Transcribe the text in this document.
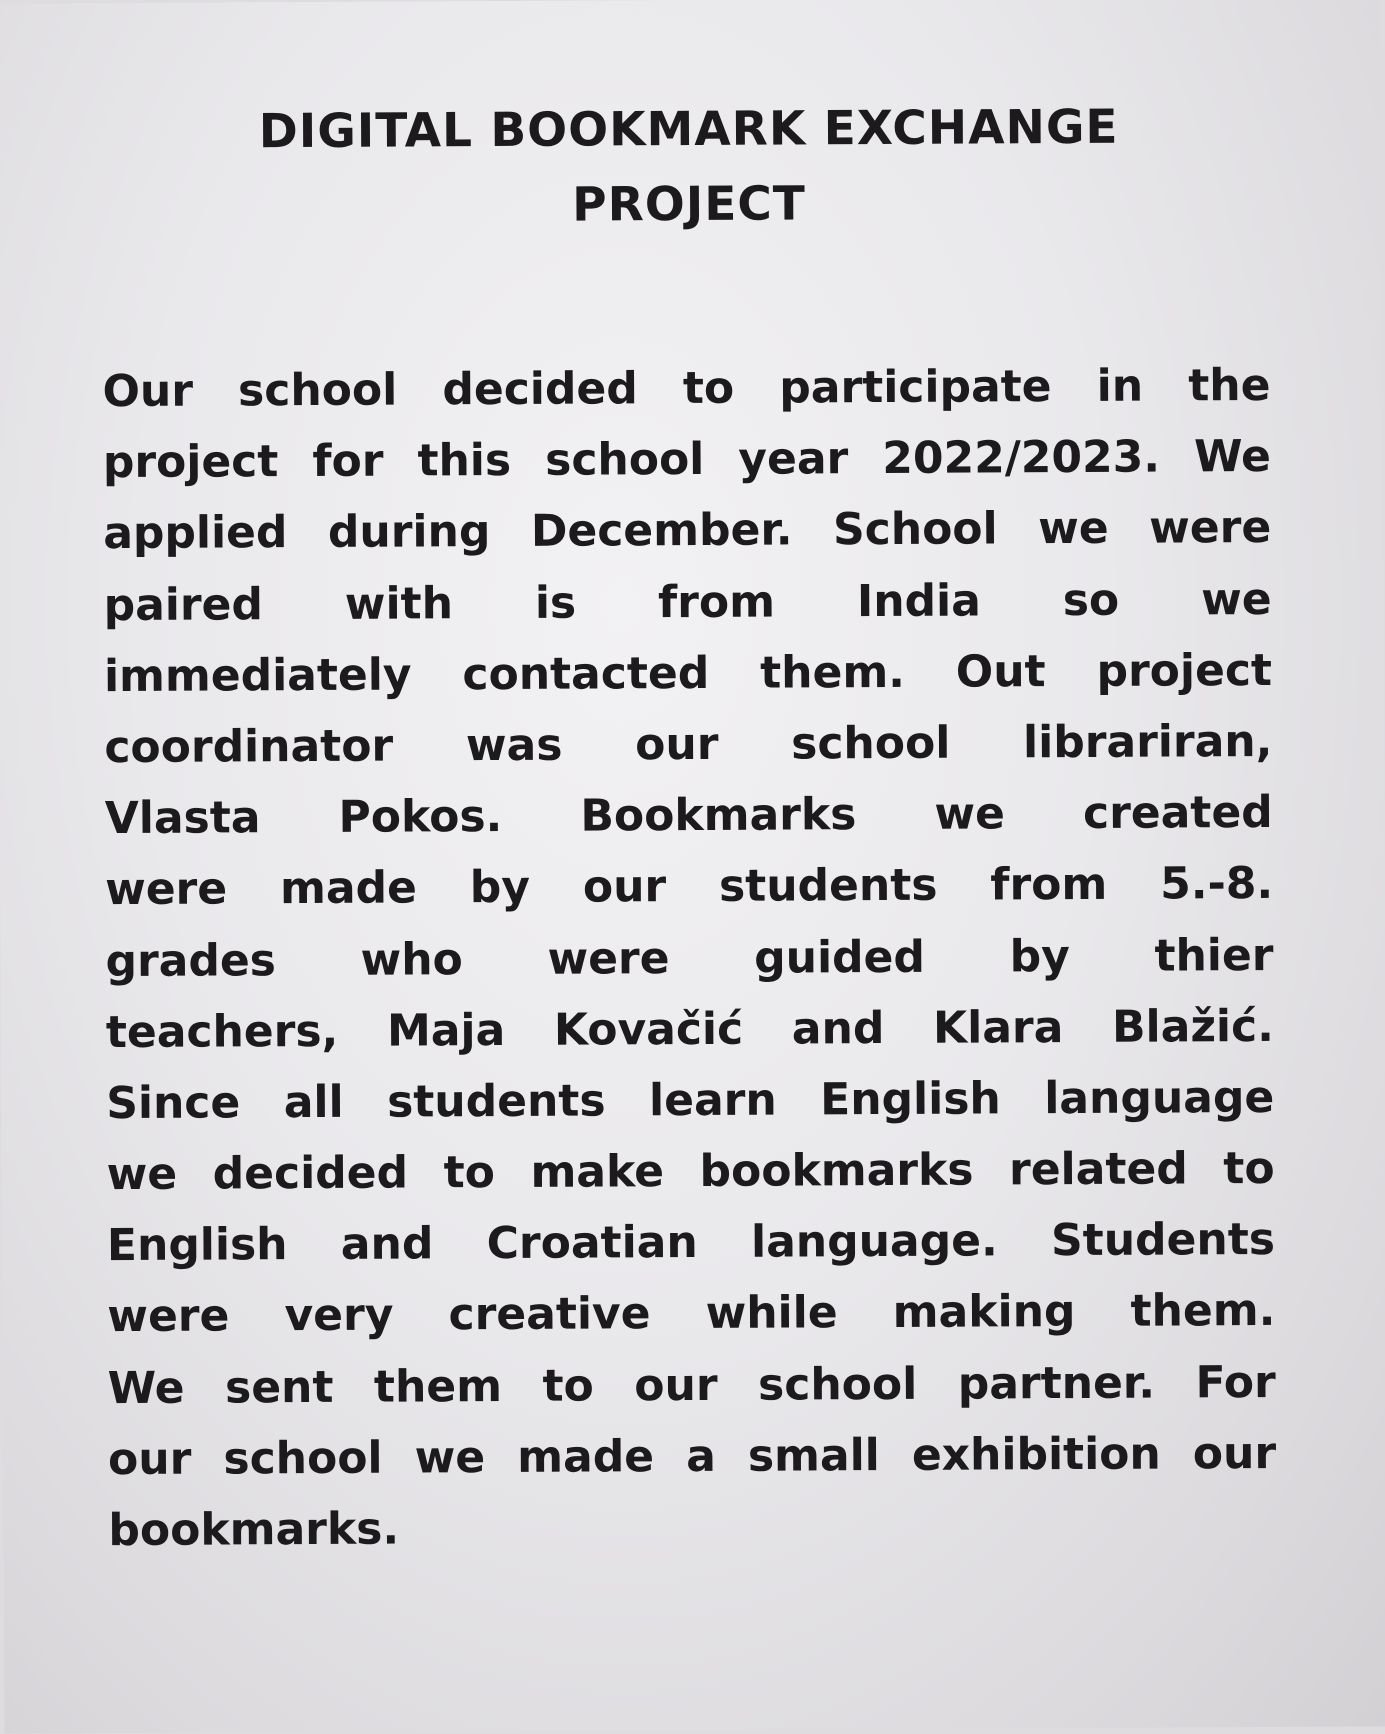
DIGITAL BOOKMARK EXCHANGE
PROJECT

Our school decided to participate in the
project for this school year 2022/2023. We
applied during December. School we were
paired with is from India so we
immediately contacted them. Out project
coordinator was our school librariran,
Vlasta Pokos. Bookmarks we created
were made by our students from 5.-8.
grades who were guided by thier
teachers, Maja Kovačić and Klara Blažić.
Since all students learn English language
we decided to make bookmarks related to
English and Croatian language. Students
were very creative while making them.
We sent them to our school partner. For
our school we made a small exhibition our
bookmarks.
